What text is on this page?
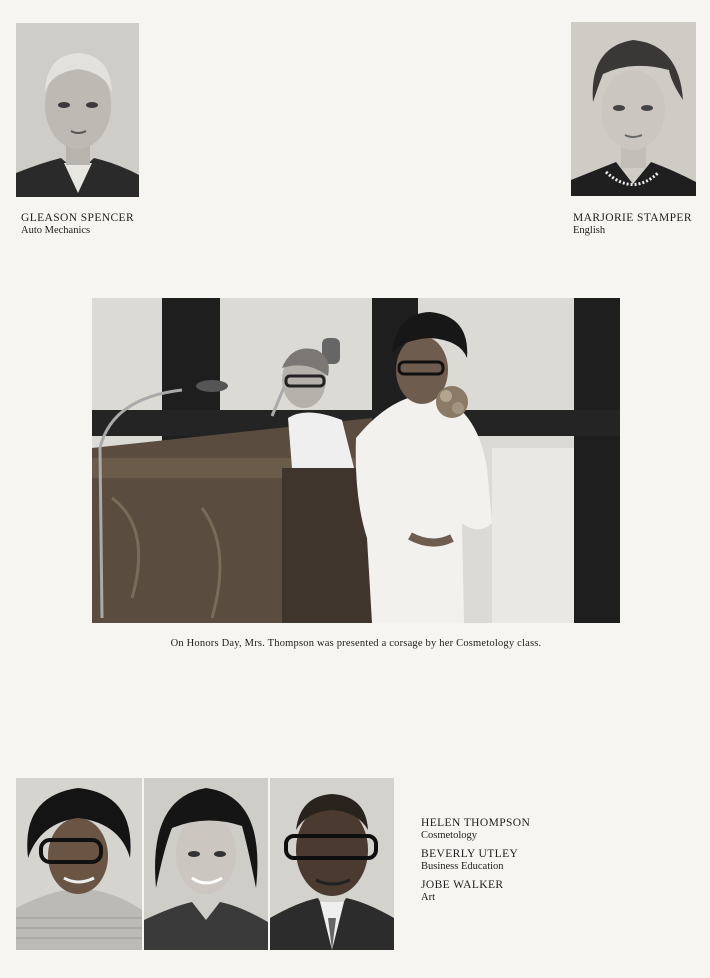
GLEASON SPENCER
Auto Mechanics
MARJORIE STAMPER
English
On Honors Day, Mrs. Thompson was presented a corsage by her Cosmetology class.
HELEN THOMPSON
Cosmetology
BEVERLY UTLEY
Business Education
JOBE WALKER
Art
